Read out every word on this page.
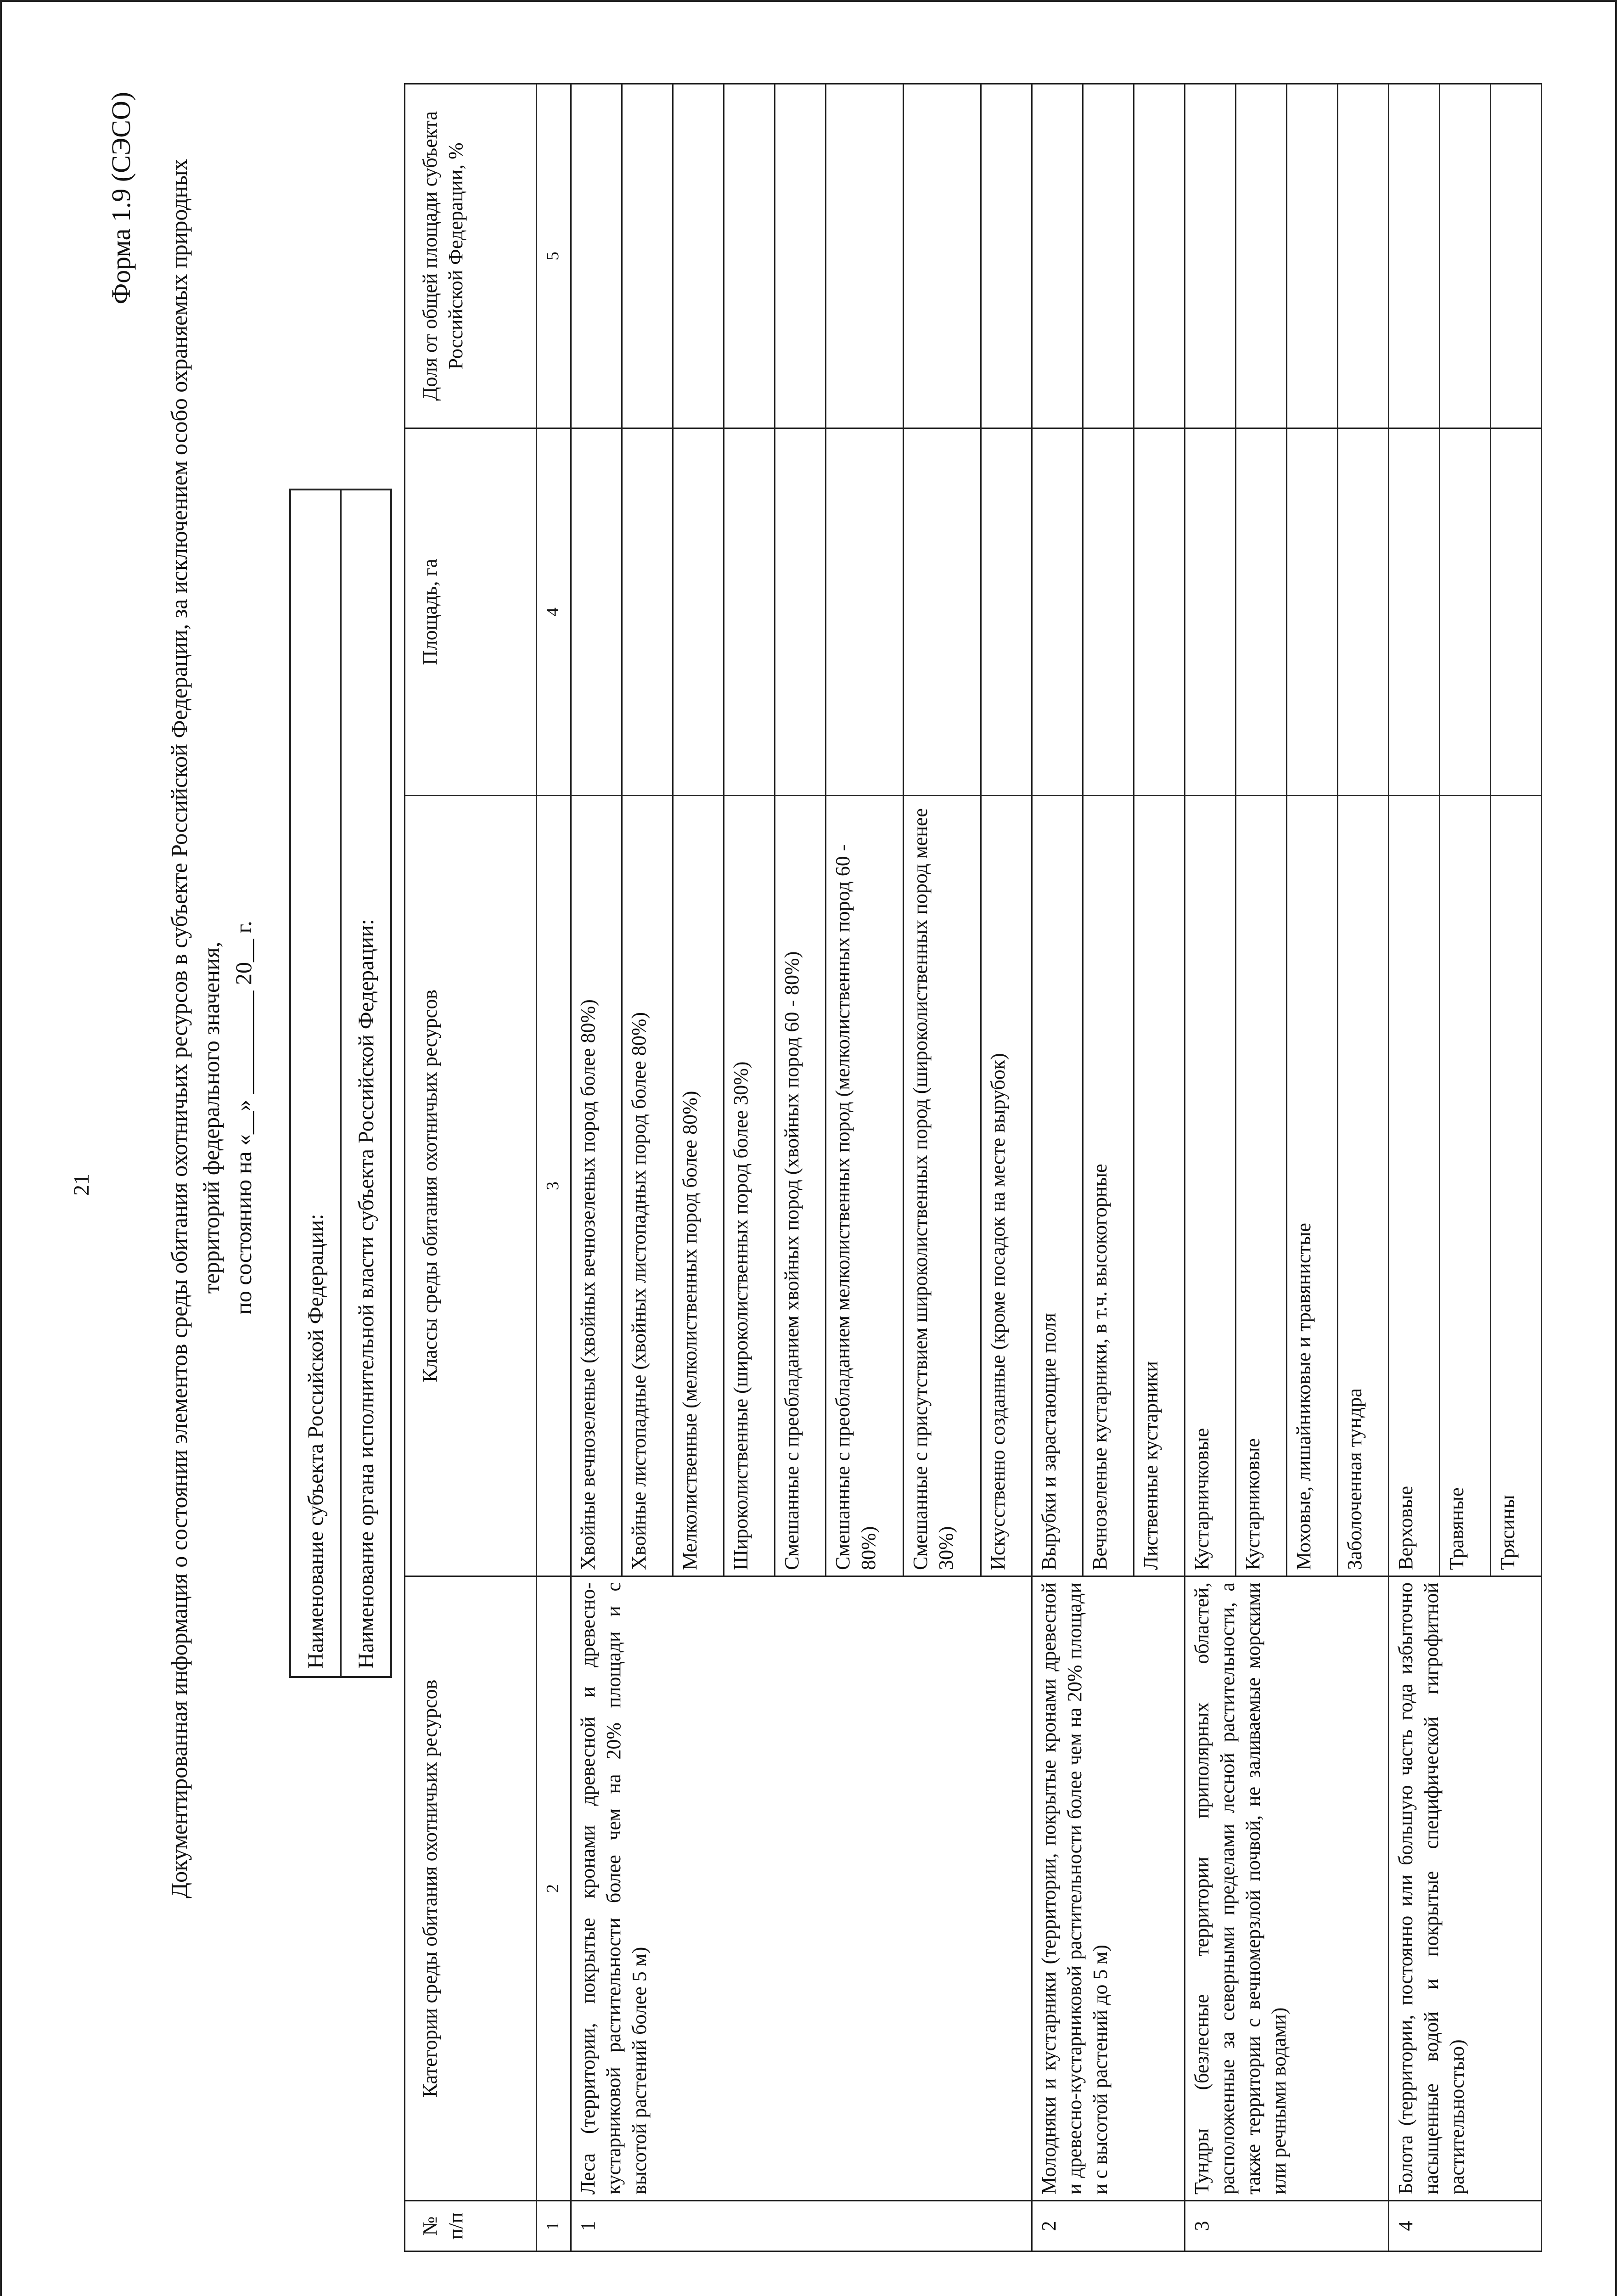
21
Форма 1.9 (СЭСО) Документированная информация о состоянии элементов среды обитания охотничьих ресурсов в субъекте Российской Федерации, за исключением особо охраняемых природных территорий федерального значения, по состоянию на «__» _________ 20__ г.
Наименование субъекта Российской Федерации:
Наименование органа исполнительной власти субъекта Российской Федерации:
№ п/п	Категории среды обитания охотничьих ресурсов	Классы среды обитания охотничьих ресурсов	Площадь, га	Доля от общей площади субъекта Российской Федерации, %
1	2	3	4	5
1	Леса (территории, покрытые кронами древесной и древесно-кустарниковой растительности более чем на 20% площади и с высотой растений более 5 м)	Хвойные вечнозеленые (хвойных вечнозеленых пород более 80%)		
		Хвойные листопадные (хвойных листопадных пород более 80%)		
		Мелколиственные (мелколиственных пород более 80%)		
		Широколиственные (широколиственных пород более 30%)		
		Смешанные с преобладанием хвойных пород (хвойных пород 60 - 80%)		
		Смешанные с преобладанием мелколиственных пород (мелколиственных пород 60 - 80%)		
		Смешанные с присутствием широколиственных пород (широколиственных пород менее 30%)		
		Искусственно созданные (кроме посадок на месте вырубок)		
2	Молодняки и кустарники (территории, покрытые кронами древесной и древесно-кустарниковой растительности более чем на 20% площади и с высотой растений до 5 м)	Вырубки и зарастающие поля		
		Вечнозеленые кустарники, в т.ч. высокогорные		
		Лиственные кустарники		
3	Тундры (безлесные территории приполярных областей, расположенные за северными пределами лесной растительности, а также территории с вечномерзлой почвой, не заливаемые морскими или речными водами)	Кустарничковые		
		Кустарниковые		
		Моховые, лишайниковые и травянистые		
		Заболоченная тундра		
4	Болота (территории, постоянно или большую часть года избыточно насыщенные водой и покрытые специфической гигрофитной растительностью)	Верховые		
		Травяные		
		Трясины		
